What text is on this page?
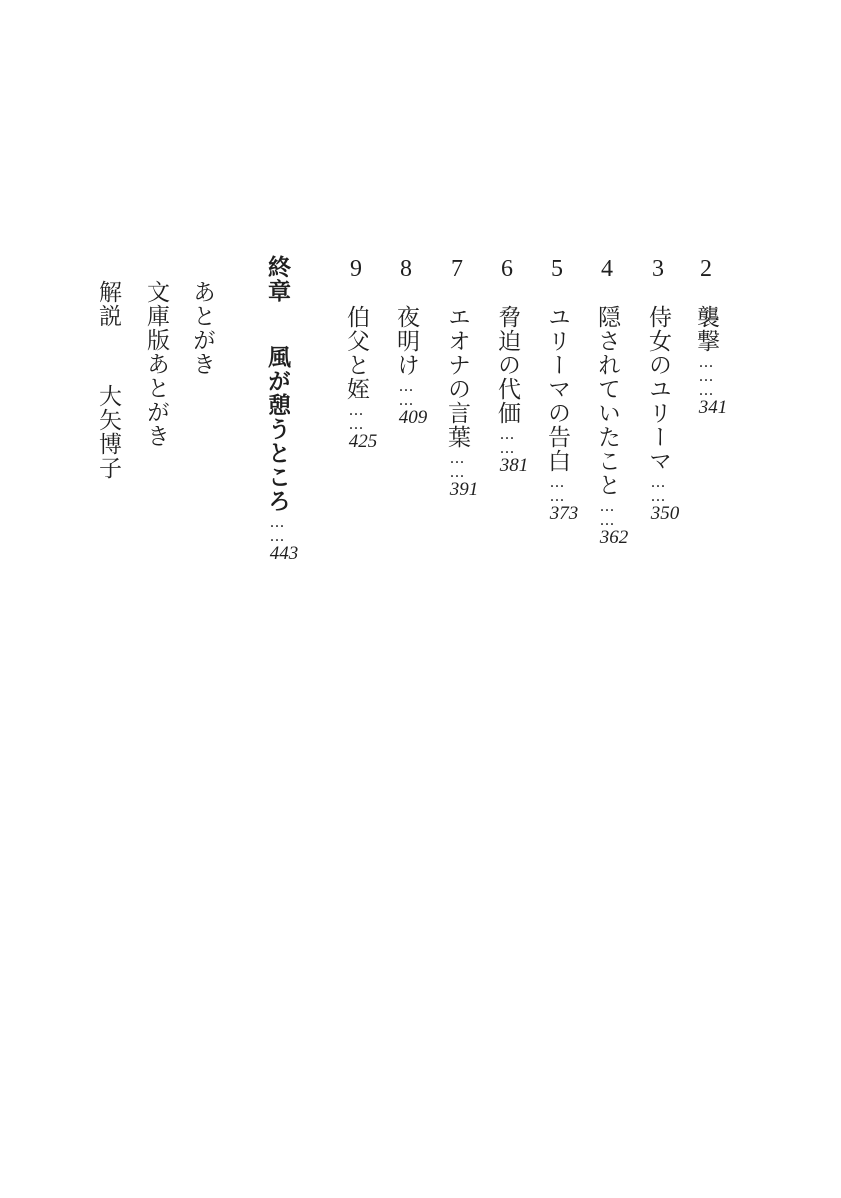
2
襲撃
………
341
3
侍女のユリーマ
……
350
4
隠されていたこと
……
362
5
ユリーマの告白
……
373
6
脅迫の代価
……
381
7
エオナの言葉
……
391
8
夜明け
……
409
9
伯父と姪
……
425
終章
風が憩うところ
……
443
あとがき
文庫版あとがき
解説
大矢博子
